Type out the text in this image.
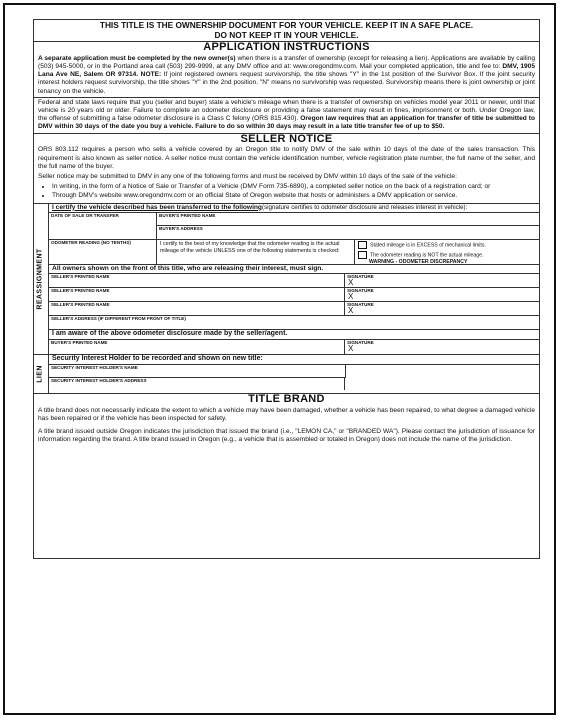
THIS TITLE IS THE OWNERSHIP DOCUMENT FOR YOUR VEHICLE. KEEP IT IN A SAFE PLACE.
DO NOT KEEP IT IN YOUR VEHICLE.
APPLICATION INSTRUCTIONS
A separate application must be completed by the new owner(s) when there is a transfer of ownership (except for releasing a lien). Applications are available by calling (503) 945-5000, or in the Portland area call (503) 299-9999, at any DMV office and at: www.oregondmv.com. Mail your completed application, title and fee to: DMV, 1905 Lana Ave NE, Salem OR 97314. NOTE: If joint registered owners request survivorship, the title shows "Y" in the 1st position of the Survivor Box. If the joint security interest holders request survivorship, the title shows "Y" in the 2nd position. "N" means no survivorship was requested. Survivorship means there is joint ownership or joint tenancy on the vehicle.
Federal and state laws require that you (seller and buyer) state a vehicle's mileage when there is a transfer of ownership on vehicles model year 2011 or newer, until that vehicle is 20 years old or older. Failure to complete an odometer disclosure or providing a false statement may result in fines, imprisonment or both. Under Oregon law, the offense of submitting a false odometer disclosure is a Class C felony (ORS 815.430). Oregon law requires that an application for transfer of title be submitted to DMV within 30 days of the date you buy a vehicle. Failure to do so within 30 days may result in a late title transfer fee of up to $50.
SELLER NOTICE
ORS 803.112 requires a person who sells a vehicle covered by an Oregon title to notify DMV of the sale within 10 days of the date of the sales transaction. This requirement is also known as seller notice. A seller notice must contain the vehicle identification number, vehicle registration plate number, the full name of the seller, and the full name of the buyer.
Seller notice may be submitted to DMV in any one of the following forms and must be received by DMV within 10 days of the sale of the vehicle:
• In writing, in the form of a Notice of Sale or Transfer of a Vehicle (DMV Form 735-6890), a completed seller notice on the back of a registration card; or
• Through DMV's website www.oregondmv.com or an official State of Oregon website that hosts or administers a DMV application or service.
REASSIGNMENT
I certify the vehicle described has been transferred to the following (signature certifies to odometer disclosure and releases interest in vehicle):
DATE OF SALE OR TRANSFER	BUYER'S PRINTED NAME
BUYER'S ADDRESS
ODOMETER READING (NO TENTHS)	I certify to the best of my knowledge that the odometer reading is the actual mileage of the vehicle UNLESS one of the following statements is checked:
Stated mileage is in EXCESS of mechanical limits.
The odometer reading is NOT the actual mileage.
WARNING - ODOMETER DISCREPANCY
All owners shown on the front of this title, who are releasing their interest, must sign.
SELLER'S PRINTED NAME	SIGNATURE
X
SELLER'S PRINTED NAME	SIGNATURE
X
SELLER'S PRINTED NAME	SIGNATURE
X
SELLER'S ADDRESS (IF DIFFERENT FROM FRONT OF TITLE)
I am aware of the above odometer disclosure made by the seller/agent.
BUYER'S PRINTED NAME	SIGNATURE
X
LIEN
Security Interest Holder to be recorded and shown on new title:
SECURITY INTEREST HOLDER'S NAME
SECURITY INTEREST HOLDER'S ADDRESS
TITLE BRAND
A title brand does not necessarily indicate the extent to which a vehicle may have been damaged, whether a vehicle has been repaired, to what degree a damaged vehicle has been repaired or if the vehicle has been inspected for safety.
A title brand issued outside Oregon indicates the jurisdiction that issued the brand (i.e., "LEMON CA," or "BRANDED WA"). Please contact the jurisdiction of issuance for information regarding the brand. A title brand issued in Oregon (e.g., a vehicle that is assembled or totaled in Oregon) does not include the name of the jurisdiction.
